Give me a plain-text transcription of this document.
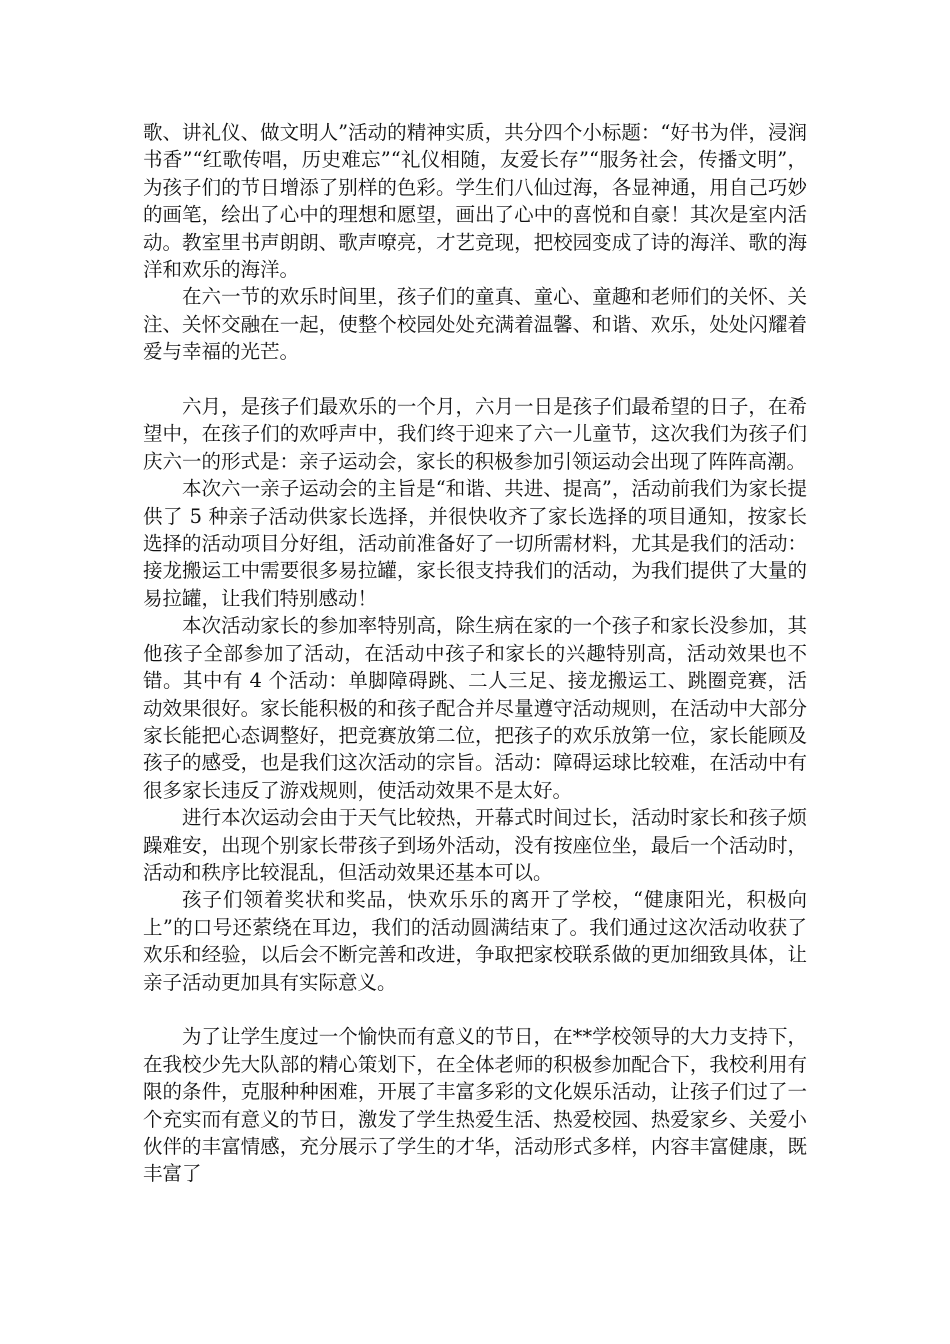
歌、讲礼仪、做文明人”活动的精神实质，共分四个小标题：“好书为伴，浸润书香”“红歌传唱，历史难忘”“礼仪相随，友爱长存”“服务社会，传播文明”，为孩子们的节日增添了别样的色彩。学生们八仙过海，各显神通，用自己巧妙的画笔，绘出了心中的理想和愿望，画出了心中的喜悦和自豪！其次是室内活动。教室里书声朗朗、歌声嘹亮，才艺竞现，把校园变成了诗的海洋、歌的海洋和欢乐的海洋。

在六一节的欢乐时间里，孩子们的童真、童心、童趣和老师们的关怀、关注、关怀交融在一起，使整个校园处处充满着温馨、和谐、欢乐，处处闪耀着爱与幸福的光芒。

六月，是孩子们最欢乐的一个月，六月一日是孩子们最希望的日子，在希望中，在孩子们的欢呼声中，我们终于迎来了六一儿童节，这次我们为孩子们庆六一的形式是：亲子运动会，家长的积极参加引领运动会出现了阵阵高潮。

本次六一亲子运动会的主旨是“和谐、共进、提高”，活动前我们为家长提供了 5 种亲子活动供家长选择，并很快收齐了家长选择的项目通知，按家长选择的活动项目分好组，活动前准备好了一切所需材料，尤其是我们的活动：接龙搬运工中需要很多易拉罐，家长很支持我们的活动，为我们提供了大量的易拉罐，让我们特别感动！

本次活动家长的参加率特别高，除生病在家的一个孩子和家长没参加，其他孩子全部参加了活动，在活动中孩子和家长的兴趣特别高，活动效果也不错。其中有 4 个活动：单脚障碍跳、二人三足、接龙搬运工、跳圈竞赛，活动效果很好。家长能积极的和孩子配合并尽量遵守活动规则，在活动中大部分家长能把心态调整好，把竞赛放第二位，把孩子的欢乐放第一位，家长能顾及孩子的感受，也是我们这次活动的宗旨。活动：障碍运球比较难，在活动中有很多家长违反了游戏规则，使活动效果不是太好。

进行本次运动会由于天气比较热，开幕式时间过长，活动时家长和孩子烦躁难安，出现个别家长带孩子到场外活动，没有按座位坐，最后一个活动时，活动和秩序比较混乱，但活动效果还基本可以。

孩子们领着奖状和奖品，快欢乐乐的离开了学校，“健康阳光，积极向上”的口号还萦绕在耳边，我们的活动圆满结束了。我们通过这次活动收获了欢乐和经验，以后会不断完善和改进，争取把家校联系做的更加细致具体，让亲子活动更加具有实际意义。

为了让学生度过一个愉快而有意义的节日，在**学校领导的大力支持下，在我校少先大队部的精心策划下，在全体老师的积极参加配合下，我校利用有限的条件，克服种种困难，开展了丰富多彩的文化娱乐活动，让孩子们过了一个充实而有意义的节日，激发了学生热爱生活、热爱校园、热爱家乡、关爱小伙伴的丰富情感，充分展示了学生的才华，活动形式多样，内容丰富健康，既丰富了
